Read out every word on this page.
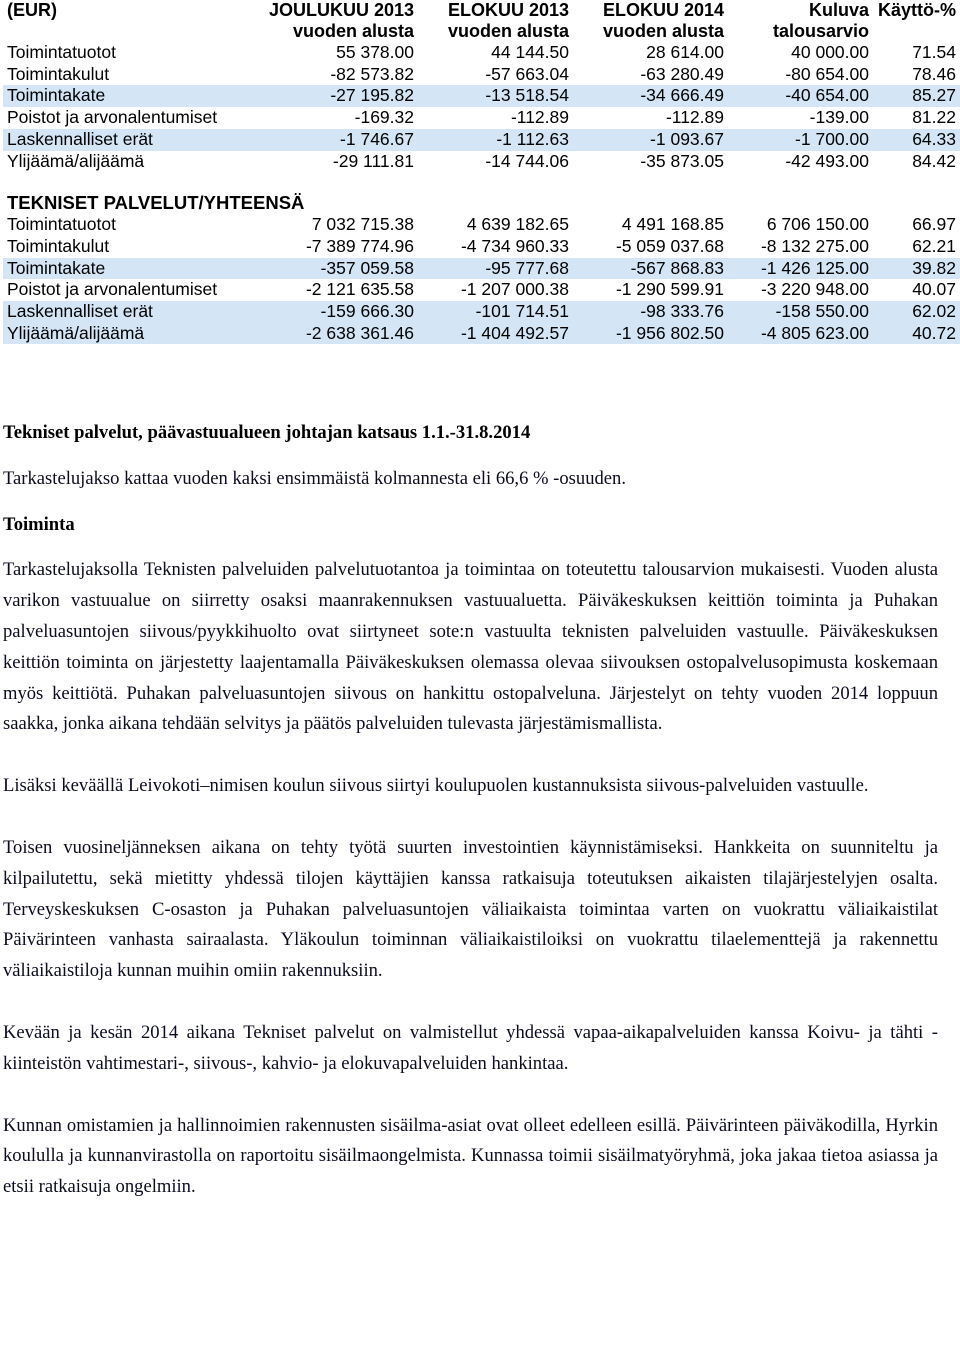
(EUR)	JOULUKUU 2013	ELOKUU 2013	ELOKUU 2014	Kuluva	Käyttö-%
	vuoden alusta	vuoden alusta	vuoden alusta	talousarvio	
Toimintatuotot	55 378.00	44 144.50	28 614.00	40 000.00	71.54
Toimintakulut	-82 573.82	-57 663.04	-63 280.49	-80 654.00	78.46
Toimintakate	-27 195.82	-13 518.54	-34 666.49	-40 654.00	85.27
Poistot ja arvonalentumiset	-169.32	-112.89	-112.89	-139.00	81.22
Laskennalliset erät	-1 746.67	-1 112.63	-1 093.67	-1 700.00	64.33
Ylijäämä/alijäämä	-29 111.81	-14 744.06	-35 873.05	-42 493.00	84.42

TEKNISET PALVELUT/YHTEENSÄ					
Toimintatuotot	7 032 715.38	4 639 182.65	4 491 168.85	6 706 150.00	66.97
Toimintakulut	-7 389 774.96	-4 734 960.33	-5 059 037.68	-8 132 275.00	62.21
Toimintakate	-357 059.58	-95 777.68	-567 868.83	-1 426 125.00	39.82
Poistot ja arvonalentumiset	-2 121 635.58	-1 207 000.38	-1 290 599.91	-3 220 948.00	40.07
Laskennalliset erät	-159 666.30	-101 714.51	-98 333.76	-158 550.00	62.02
Ylijäämä/alijäämä	-2 638 361.46	-1 404 492.57	-1 956 802.50	-4 805 623.00	40.72
Tekniset palvelut, päävastuualueen johtajan katsaus 1.1.-31.8.2014

Tarkastelujakso kattaa vuoden kaksi ensimmäistä kolmannesta eli 66,6 % -osuuden.

Toiminta

Tarkastelujaksolla Teknisten palveluiden palvelutuotantoa ja toimintaa on toteutettu talousarvion mukaisesti. Vuoden alusta varikon vastuualue on siirretty osaksi maanrakennuksen vastuualuetta. Päiväkeskuksen keittiön toiminta ja Puhakan palveluasuntojen siivous/pyykkihuolto ovat siirtyneet sote:n vastuulta teknisten palveluiden vastuulle. Päiväkeskuksen keittiön toiminta on järjestetty laajentamalla Päiväkeskuksen olemassa olevaa siivouksen ostopalvelusopimusta koskemaan myös keittiötä. Puhakan palveluasuntojen siivous on hankittu ostopalveluna. Järjestelyt on tehty vuoden 2014 loppuun saakka, jonka aikana tehdään selvitys ja päätös palveluiden tulevasta järjestämismallista.

Lisäksi keväällä Leivokoti–nimisen koulun siivous siirtyi koulupuolen kustannuksista siivous-palveluiden vastuulle.

Toisen vuosineljänneksen aikana on tehty työtä suurten investointien käynnistämiseksi. Hankkeita on suunniteltu ja kilpailutettu, sekä mietitty yhdessä tilojen käyttäjien kanssa ratkaisuja toteutuksen aikaisten tilajärjestelyjen osalta. Terveyskeskuksen C-osaston ja Puhakan palveluasuntojen väliaikaista toimintaa varten on vuokrattu väliaikaistilat Päivärinteen vanhasta sairaalasta. Yläkoulun toiminnan väliaikaistiloiksi on vuokrattu tilaelementtejä ja rakennettu väliaikaistiloja kunnan muihin omiin rakennuksiin.

Kevään ja kesän 2014 aikana Tekniset palvelut on valmistellut yhdessä vapaa-aikapalveluiden kanssa Koivu- ja tähti -kiinteistön vahtimestari-, siivous-, kahvio- ja elokuvapalveluiden hankintaa.

Kunnan omistamien ja hallinnoimien rakennusten sisäilma-asiat ovat olleet edelleen esillä. Päivärinteen päiväkodilla, Hyrkin koululla ja kunnanvirastolla on raportoitu sisäilmaongelmista. Kunnassa toimii sisäilmatyöryhmä, joka jakaa tietoa asiassa ja etsii ratkaisuja ongelmiin.
